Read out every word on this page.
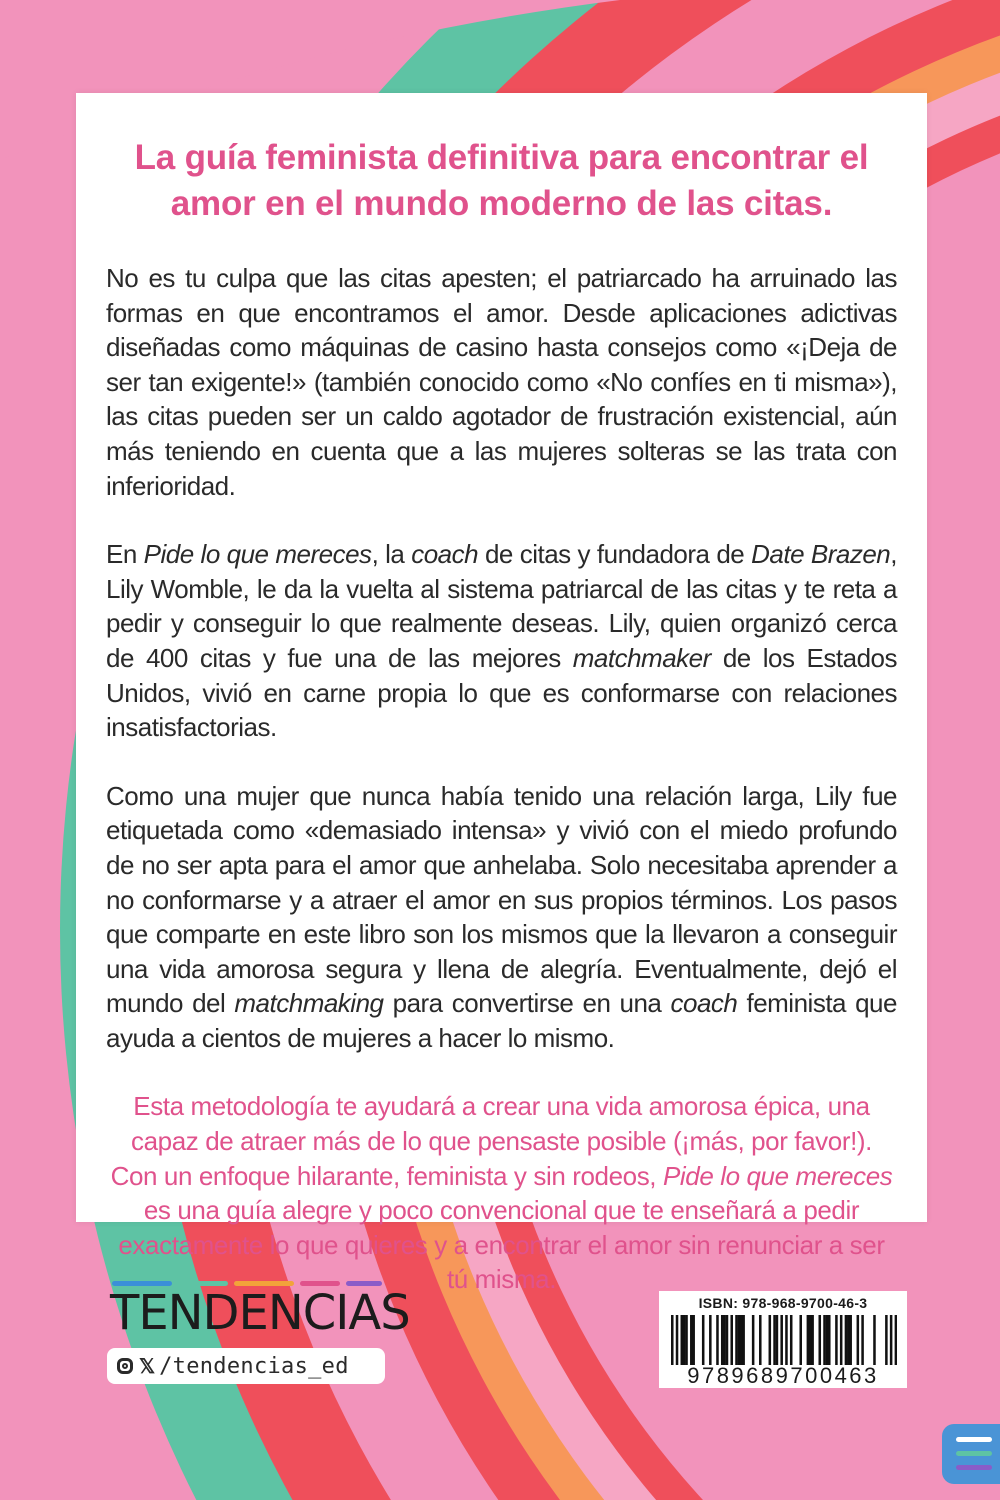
La guía feminista definitiva para encontrar el amor en el mundo moderno de las citas.

No es tu culpa que las citas apesten; el patriarcado ha arruinado las formas en que encontramos el amor. Desde aplicaciones adictivas diseñadas como máquinas de casino hasta consejos como «¡Deja de ser tan exigente!» (también conocido como «No confíes en ti misma»), las citas pueden ser un caldo agotador de frustración existencial, aún más teniendo en cuenta que a las mujeres solteras se las trata con inferioridad.

En Pide lo que mereces, la coach de citas y fundadora de Date Brazen, Lily Womble, le da la vuelta al sistema patriarcal de las citas y te reta a pedir y conseguir lo que realmente deseas. Lily, quien organizó cerca de 400 citas y fue una de las mejores matchmaker de los Estados Unidos, vivió en carne propia lo que es conformarse con relaciones insatisfactorias.

Como una mujer que nunca había tenido una relación larga, Lily fue etiquetada como «demasiado intensa» y vivió con el miedo profundo de no ser apta para el amor que anhelaba. Solo necesitaba aprender a no conformarse y a atraer el amor en sus propios términos. Los pasos que comparte en este libro son los mismos que la llevaron a conseguir una vida amorosa segura y llena de alegría. Eventualmente, dejó el mundo del matchmaking para convertirse en una coach feminista que ayuda a cientos de mujeres a hacer lo mismo.

Esta metodología te ayudará a crear una vida amorosa épica, una capaz de atraer más de lo que pensaste posible (¡más, por favor!). Con un enfoque hilarante, feminista y sin rodeos, Pide lo que mereces es una guía alegre y poco convencional que te enseñará a pedir exactamente lo que quieres y a encontrar el amor sin renunciar a ser tú misma.

TENDENCIAS
𝕏 /tendencias_ed
ISBN: 978-968-9700-46-3
9789689700463
